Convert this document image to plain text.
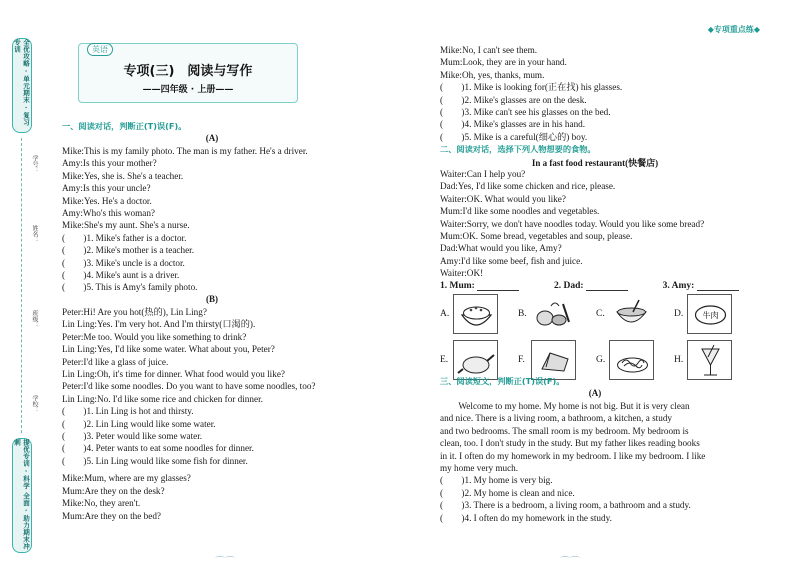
全优攻略 · 单元期末 · 复习专训
提优专训 · 科学 全面 · 助力期末冲刺
学号：
姓名：
班级：
学校：
英语
专项(三)　阅读与写作
——四年级 · 上册——
◆专项重点练◆
一、阅读对话，判断正(T)误(F)。
(A)
Mike:This is my family photo. The man is my father. He's a driver.
Amy:Is this your mother?
Mike:Yes, she is. She's a teacher.
Amy:Is this your uncle?
Mike:Yes. He's a doctor.
Amy:Who's this woman?
Mike:She's my aunt. She's a nurse.
(　　)1. Mike's father is a doctor.
(　　)2. Mike's mother is a teacher.
(　　)3. Mike's uncle is a doctor.
(　　)4. Mike's aunt is a driver.
(　　)5. This is Amy's family photo.
(B)
Peter:Hi! Are you hot(热的), Lin Ling?
Lin Ling:Yes. I'm very hot. And I'm thirsty(口渴的).
Peter:Me too. Would you like something to drink?
Lin Ling:Yes, I'd like some water. What about you, Peter?
Peter:I'd like a glass of juice.
Lin Ling:Oh, it's time for dinner. What food would you like?
Peter:I'd like some noodles. Do you want to have some noodles, too?
Lin Ling:No. I'd like some rice and chicken for dinner.
(　　)1. Lin Ling is hot and thirsty.
(　　)2. Lin Ling would like some water.
(　　)3. Peter would like some water.
(　　)4. Peter wants to eat some noodles for dinner.
(　　)5. Lin Ling would like some fish for dinner.
Mike:Mum, where are my glasses?
Mum:Are they on the desk?
Mike:No, they aren't.
Mum:Are they on the bed?
Mike:No, I can't see them.
Mum:Look, they are in your hand.
Mike:Oh, yes, thanks, mum.
(　　)1. Mike is looking for(正在找) his glasses.
(　　)2. Mike's glasses are on the desk.
(　　)3. Mike can't see his glasses on the bed.
(　　)4. Mike's glasses are in his hand.
(　　)5. Mike is a careful(细心的) boy.
二、阅读对话，选择下列人物想要的食物。
In a fast food restaurant(快餐店)
Waiter:Can I help you?
Dad:Yes, I'd like some chicken and rice, please.
Waiter:OK. What would you like?
Mum:I'd like some noodles and vegetables.
Waiter:Sorry, we don't have noodles today. Would you like some bread?
Mum:OK. Some bread, vegetables and soup, please.
Dad:What would you like, Amy?
Amy:I'd like some beef, fish and juice.
Waiter:OK!
1. Mum:	2. Dad:	3. Amy:
A.	B.	C.	D. 牛肉
E.	F.	G.	H.
三、阅读短文，判断正(T)误(F)。
(A)
　　Welcome to my home. My home is not big. But it is very clean
and nice. There is a living room, a bathroom, a kitchen, a study
and two bedrooms. The small room is my bedroom. My bedroom is
clean, too. I don't study in the study. But my father likes reading books
in it. I often do my homework in my bedroom. I like my bedroom. I like
my home very much.
(　　)1. My home is very big.
(　　)2. My home is clean and nice.
(　　)3. There is a bedroom, a living room, a bathroom and a study.
(　　)4. I often do my homework in the study.
⌒⌒	⌒⌒
